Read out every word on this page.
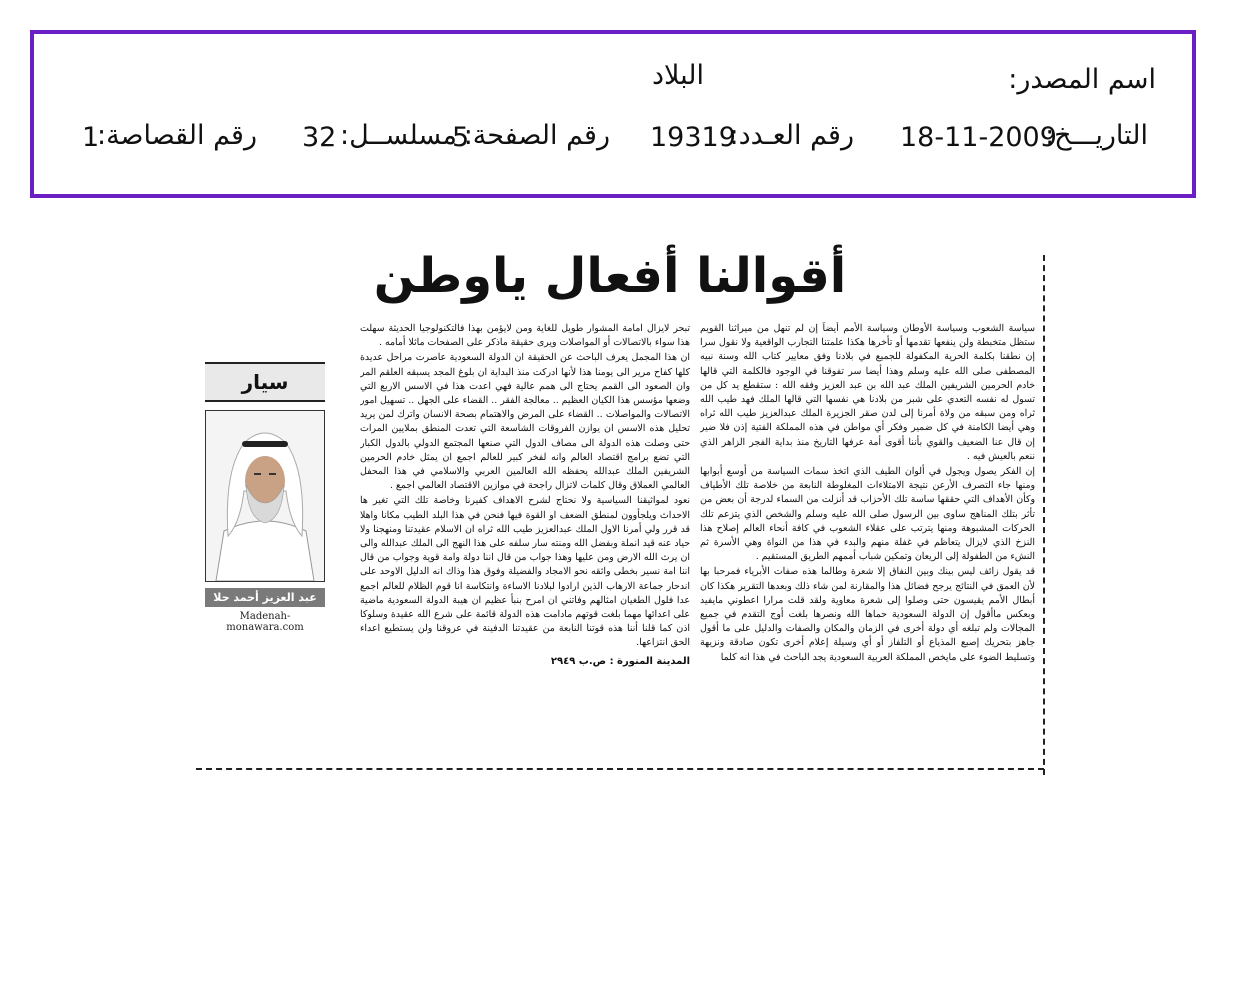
اسم المصدر:
البلاد
التاريـــخ:
18-11-2009
رقم العـدد:
19319
رقم الصفحة:
5
مسلســل:
32
رقم القصاصة:
1
أقوالنا أفعال ياوطن

سياسة الشعوب وسياسة الأوطان وسياسة الأمم أيضاً إن لم تنهل من ميراثنا القويم ستظل متخبطة ولن ينفعها تقدمها أو تأخرها هكذا علمتنا التجارب الواقعية ولا نقول سرا إن نطقنا بكلمة الحرية المكفولة للجميع في بلادنا وفق معايير كتاب الله وسنة نبيه المصطفى صلى الله عليه وسلم وهذا أيضا سر تفوقنا في الوجود فالكلمة التي قالها خادم الحرمين الشريفين الملك عبد الله بن عبد العزيز وفقه الله : ستقطع يد كل من تسول له نفسه التعدي على شبر من بلادنا هي نفسها التي قالها الملك فهد طيب الله ثراه ومن سبقه من ولاة أمرنا إلى لدن صقر الجزيرة الملك عبدالعزيز طيب الله ثراه وهي أيضا الكامنة في كل ضمير وفكر أي مواطن في هذه المملكة الفتية إذن فلا ضير إن قال عنا الضعيف والقوي بأننا أقوى أمة عرفها التاريخ منذ بداية الفجر الزاهر الذي ننعم بالعيش فيه .

إن الفكر يصول ويجول في ألوان الطيف الذي اتخذ سمات السياسة من أوسع أبوابها ومنها جاء التصرف الأرعن نتيجة الامتلاءات المغلوطة النابعة من خلاصة تلك الأطياف وكأن الأهداف التي حققها ساسة تلك الأحزاب قد أنزلت من السماء لدرجة أن بعض من تأثر بتلك المناهج ساوى بين الرسول صلى الله عليه وسلم والشخص الذي يتزعم تلك الحركات المشبوهة ومنها يترتب على عقلاء الشعوب في كافة أنحاء العالم إصلاح هذا النزخ الذي لايزال يتعاظم في غفلة منهم والبدء في هذا من النواة وهي الأسرة ثم النشء من الطفولة إلى الريعان وتمكين شباب أممهم الطريق المستقيم .

قد يقول زائف ليس بينك وبين النفاق إلا شعرة وطالما هذه صفات الأبرياء فمرحبا بها لأن العمق في النتائج يرجح فضائل هذا والمقارنة لمن شاء ذلك وبعدها التقرير هكذا كان أبطال الأمم يقيسون حتى وصلوا إلى شعرة معاوية ولقد قلت مرارا اعطوني مايفيد وبعكس ماأقول إن الدولة السعودية حماها الله ونصرها بلغت أوج التقدم في جميع المجالات ولم تبلغه أي دولة أخرى في الزمان والمكان والصفات والدليل على ما أقول جاهز بتحريك إصبع المذياع أو التلفاز أو أي وسيلة إعلام أخرى تكون صادقة ونزيهة وتسليط الضوء على مايخص المملكة العربية السعودية يجد الباحث في هذا انه كلما

تبحر لايزال امامة المشوار طويل للغاية ومن لايؤمن بهذا فالتكنولوجيا الحديثة سهلت هذا سواء بالاتصالات أو المواصلات ويرى حقيقة ماذكر على الصفحات ماثلا أمامه .

ان هذا المجمل يعرف الباحث عن الحقيقة ان الدولة السعودية عاصرت مراحل عديدة كلها كفاح مرير الى يومنا هذا لأنها ادركت منذ البداية ان بلوغ المجد يسبقه العلقم المر وان الصعود الى القمم يحتاج الى همم عالية فهي اعدت هذا في الاسس الاربع التي وضعها مؤسس هذا الكيان العظيم .. معالجة الفقر .. القضاء على الجهل .. تسهيل امور الاتصالات والمواصلات .. القضاء على المرض والاهتمام بصحة الانسان واترك لمن يريد تحليل هذه الاسس ان يوازن الفروقات الشاسعة التي تعدت المنطق بملايين المرات حتى وصلت هذه الدولة الى مصاف الدول التي صنعها المجتمع الدولي بالدول الكبار التي تضع برامج اقتصاد العالم وانه لفخر كبير للعالم اجمع ان يمثل خادم الحرمين الشريفين الملك عبدالله يحفظه الله العالمين العربي والاسلامي في هذا المحفل العالمي العملاق وقال كلمات لاتزال راجحة في موازين الاقتصاد العالمي اجمع .

نعود لمواثيقنا السياسية ولا نحتاج لشرح الاهداف كفيرنا وخاصة تلك التي تغير ها الاحداث ويلجأوون لمنطق الضعف او القوة فيها فنحن في هذا البلد الطيب مكانا واهلا قد قرر ولي أمرنا الاول الملك عبدالعزيز طيب الله ثراه ان الاسلام عقيدتنا ومنهجنا ولا حياد عنه قيد انملة وبفضل الله ومنته سار سلفه على هذا النهج الى الملك عبدالله والى ان يرث الله الارض ومن عليها وهذا جواب من قال اننا دولة وامة قوية وجواب من قال اننا امة نسير بخطى واثقه نحو الامجاد والفضيلة وفوق هذا وذاك انه الدليل الاوحد على اندحار جماعة الارهاب الذين ارادوا لبلادنا الاساءة وانتكاسة انا قوم الظلام للعالم اجمع عدا فلول الطغيان امثالهم وفاتني ان امرح بنبأ عظيم ان هيبة الدولة السعودية ماضية على اعدائها مهما بلغت قوتهم مادامت هذه الدولة قائمة على شرع الله عقيدة وسلوكا اذن كما قلنا أننا هذه قوتنا النابعة من عقيدتنا الدفينة في عروقنا ولن يستطيع اعداء الحق انتزاعها.

المدينة المنورة : ص.ب ٢٩٤٩
سيار
عبد العزيز أحمد حلا
Madenah-monawara.com
